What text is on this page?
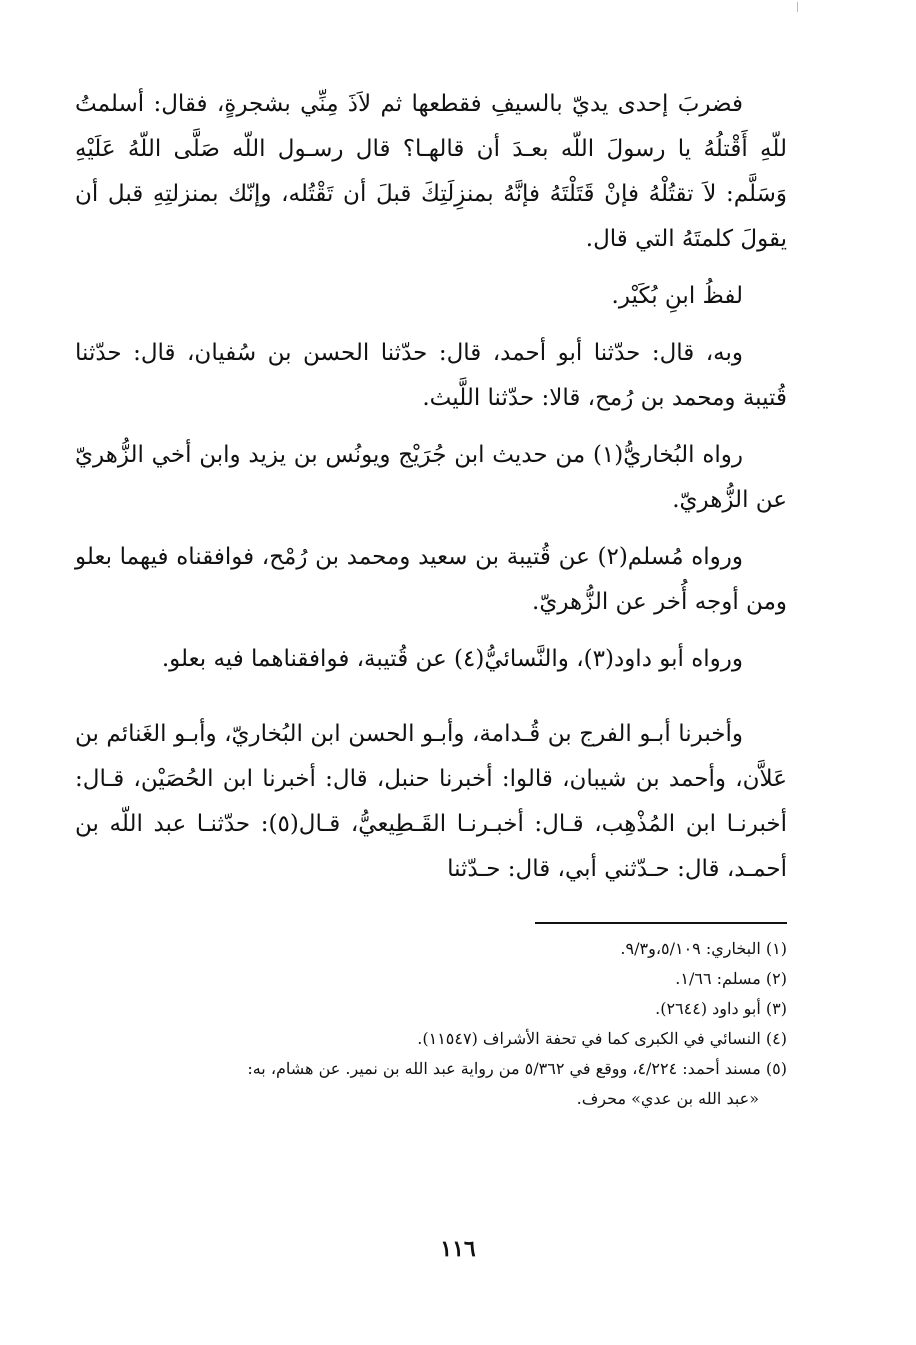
فضربَ إحدى يديّ بالسيفِ فقطعها ثم لاَذَ مِنِّي بشجرةٍ، فقال: أسلمتُ للّهِ أَقْتلُهُ يا رسولَ اللّه بعـدَ أن قالهـا؟ قال رسـول اللّه صَلَّى اللّهُ عَلَيْهِ وَسَلَّم: لاَ تقتُلْهُ فإنْ قَتَلْتَهُ فإنَّهُ بمنزِلَتِكَ قبلَ أن تَقْتُله، وإنّك بمنزلتِهِ قبل أن يقولَ كلمتَهُ التي قال.

لفظُ ابنِ بُكَيْر.

وبه، قال: حدّثنا أبو أحمد، قال: حدّثنا الحسن بن سُفيان، قال: حدّثنا قُتيبة ومحمد بن رُمح، قالا: حدّثنا اللَّيث.

رواه البُخاريُّ(١) من حديث ابن جُرَيْج ويونُس بن يزيد وابن أخي الزُّهريّ عن الزُّهريّ.

ورواه مُسلم(٢) عن قُتيبة بن سعيد ومحمد بن رُمْح، فوافقناه فيهما بعلو ومن أوجه أُخر عن الزُّهريّ.

ورواه أبو داود(٣)، والنَّسائيُّ(٤) عن قُتيبة، فوافقناهما فيه بعلو.

وأخبرنا أبـو الفرج بن قُـدامة، وأبـو الحسن ابن البُخاريّ، وأبـو الغَنائم بن عَلاَّن، وأحمد بن شيبان، قالوا: أخبرنا حنبل، قال: أخبرنا ابن الحُصَيْن، قـال: أخبرنـا ابن المُذْهِب، قـال: أخبـرنـا القَـطِيعيُّ، قـال(٥): حدّثنـا عبد اللّه بن أحمـد، قال: حـدّثني أبي، قال: حـدّثنا

(١) البخاري: ٥/١٠٩،و٩/٣.

(٢) مسلم: ١/٦٦.

(٣) أبو داود (٢٦٤٤).

(٤) النسائي في الكبرى كما في تحفة الأشراف (١١٥٤٧).

(٥) مسند أحمد: ٤/٢٢٤، ووقع في ٥/٣٦٢ من رواية عبد الله بن نمير. عن هشام، به:

«عبد الله بن عدي» محرف.

١١٦
